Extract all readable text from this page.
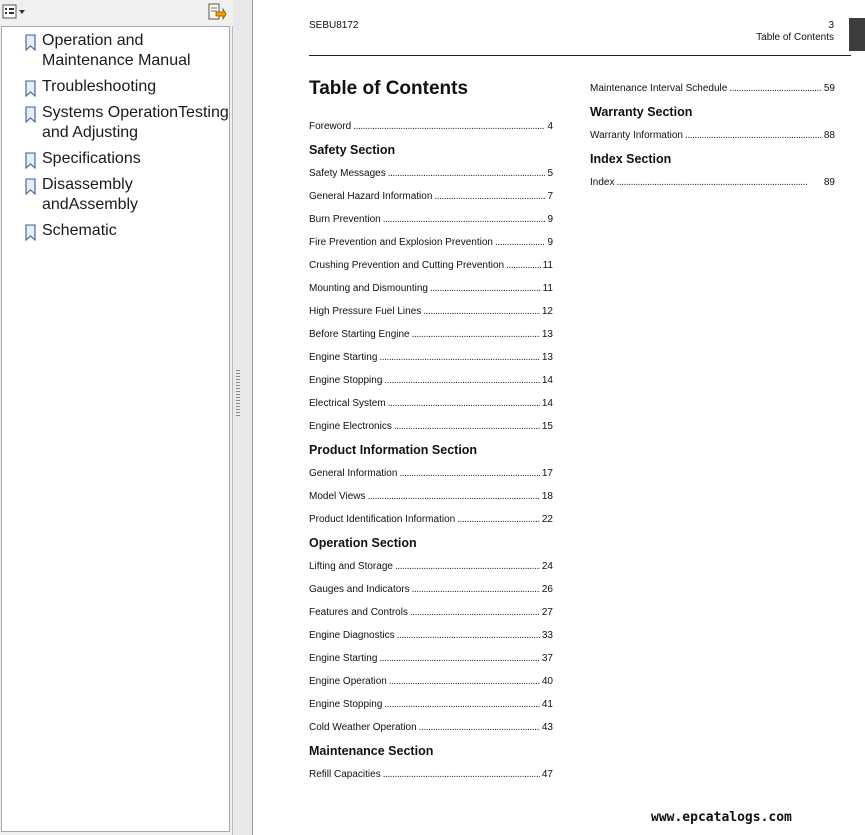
Operation and Maintenance Manual
Troubleshooting
Systems OperationTesting and Adjusting
Specifications
Disassembly andAssembly
Schematic
SEBU8172	3
Table of Contents
Table of Contents
Foreword . . .	4
Safety Section
Safety Messages . . .	5
General Hazard Information . . .	7
Burn Prevention . . .	9
Fire Prevention and Explosion Prevention . . .	9
Crushing Prevention and Cutting Prevention . . .	11
Mounting and Dismounting . . .	11
High Pressure Fuel Lines . . .	12
Before Starting Engine . . .	13
Engine Starting . . .	13
Engine Stopping . . .	14
Electrical System . . .	14
Engine Electronics . . .	15
Product Information Section
General Information . . .	17
Model Views . . .	18
Product Identification Information . . .	22
Operation Section
Lifting and Storage . . .	24
Gauges and Indicators . . .	26
Features and Controls . . .	27
Engine Diagnostics . . .	33
Engine Starting . . .	37
Engine Operation . . .	40
Engine Stopping . . .	41
Cold Weather Operation . . .	43
Maintenance Section
Refill Capacities . . .	47
Maintenance Interval Schedule . . .	59
Warranty Section
Warranty Information . . .	88
Index Section
Index . . .	89
www.epcatalogs.com
